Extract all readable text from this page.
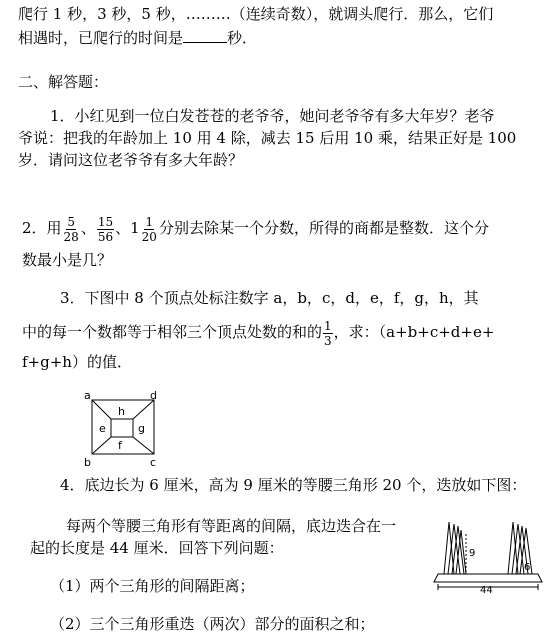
爬行 1 秒，3 秒，5 秒，………（连续奇数），就调头爬行．那么，它们
相遇时，已爬行的时间是	秒．
二、解答题：
1．小红见到一位白发苍苍的老爷爷，她问老爷爷有多大年岁？老爷
爷说：把我的年龄加上 10 用 4 除，减去 15 后用 10 乘，结果正好是 100
岁．请问这位老爷爷有多大年龄？
2．用 $\frac{5}{28}$ 、 $\frac{15}{56}$ 、$1 \frac{1}{20}$ 分别去除某一个分数，所得的商都是整数．这个分
数最小是几？
3．下图中 8 个顶点处标注数字 a，b，c，d，e，f，g，h，其
中的每一个数都等于相邻三个顶点处数的和的 $\frac{1}{3}$ ，求：（a+b+c+d+e+
f+g+h）的值．
a
b	c
d
e
f
g
h
4．底边长为 6 厘米，高为 9 厘米的等腰三角形 20 个，迭放如下图：
每两个等腰三角形有等距离的间隔，底边迭合在一
起的长度是 44 厘米．回答下列问题：
（1）两个三角形的间隔距离；
（2）三个三角形重迭（两次）部分的面积之和；
9
6
44
